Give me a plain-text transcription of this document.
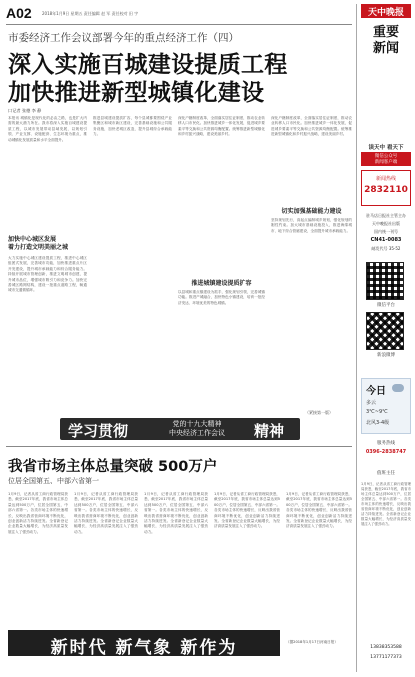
A02	2018年1月9日 星期五 责任编辑 赵 军 责任校对 田 宇
市委经济工作会议部署今年的重点经济工作（四）
深入实施百城建设提质工程
加快推进新型城镇化建设
口记者 张德 李 静
本报讯 城镇化是现代化的必由之路，也是扩大内需的最大潜力所在。我市将深入实施百城建设提质工程，以城市发展带动县域发展，以规划引领、产业支撑、设施配套、生态环境为重点，推动城镇化发展质量和水平全面提升。
加快中心城区发展
着力打造文明美丽之城
大力实施中心城区建设提质工程，推进中心城区组团式发展，完善城市功能，加快推进重点片区开发建设，提升城市承载能力和综合服务能力。持续开展城市管理创新，推进文明城市创建，提升城市品位，增强城市吸引力和竞争力。加快完善城区路网结构，建设一批重点道路工程，畅通城市交通微循环。
推进县城建设提质扩容，每个县城都要围绕产业集聚区和城市新区建设，完善基础设施和公共服务设施，加快老城区改造，提升县城综合承载能力。
深化户籍制度改革，全面落实居住证制度，推动农业转移人口市民化。加快推进城乡一体化发展，促进城乡要素平等交换和公共资源均衡配置。统筹推进新型城镇化和乡村振兴战略，建设美丽乡村。
推进城镇建设提质扩容
以县城和重点镇建设为抓手，强化规划引领，完善城镇功能。推进产城融合，加快特色小镇建设，培育一批经济发达、环境优美的特色城镇。
深化户籍制度改革，全面落实居住证制度，推动农业转移人口市民化。加快推进城乡一体化发展，促进城乡要素平等交换和公共资源均衡配置。统筹推进新型城镇化和乡村振兴战略，建设美丽乡村。
切实加强基础能力建设
坚持规划先行，高起点编制城乡规划，强化规划的刚性约束。加大城市基础设施投入，推进海绵城市、地下综合管廊建设，全面提升城市承载能力。
（紧接第一版）
学习贯彻	党的十九大精神
中央经济工作会议	精神
我省市场主体总量突破 500万户
位居全国第五、中部六省第一
1月9日，记者从省工商行政管理局获悉，截至2017年底，我省市场主体总量达到500万户，位居全国第五、中部六省第一。各类市场主体的快速增长，反映出我省营商环境不断优化，创业创新活力持续迸发。全省新登记企业数量大幅增长，为经济高质量发展注入了强劲动力。
1月9日，记者从省工商行政管理局获悉，截至2017年底，我省市场主体总量达到500万户，位居全国第五、中部六省第一。各类市场主体的快速增长，反映出我省营商环境不断优化，创业创新活力持续迸发。全省新登记企业数量大幅增长，为经济高质量发展注入了强劲动力。
1月9日，记者从省工商行政管理局获悉，截至2017年底，我省市场主体总量达到500万户，位居全国第五、中部六省第一。各类市场主体的快速增长，反映出我省营商环境不断优化，创业创新活力持续迸发。全省新登记企业数量大幅增长，为经济高质量发展注入了强劲动力。
1月9日，记者从省工商行政管理局获悉，截至2017年底，我省市场主体总量达到500万户，位居全国第五、中部六省第一。各类市场主体的快速增长，反映出我省营商环境不断优化，创业创新活力持续迸发。全省新登记企业数量大幅增长，为经济高质量发展注入了强劲动力。
1月9日，记者从省工商行政管理局获悉，截至2017年底，我省市场主体总量达到500万户，位居全国第五、中部六省第一。各类市场主体的快速增长，反映出我省营商环境不断优化，创业创新活力持续迸发。全省新登记企业数量大幅增长，为经济高质量发展注入了强劲动力。
（据2018年1月17日河南日报）
新时代 新气象 新作为
天中晚报
重要
新闻
读天中 看天下
微信公众号
新闻客户端
新闻热线
2832110
驻马店日报社主管主办
天中晚报社出版
国内统一刊号
CN41-0083
邮发代号 35-52
微信平台
新浪微博
今日
多云
3℃~9℃
北风3-4级
服务热线
0396-2838747
值班主任
1月9日，记者从省工商行政管理局获悉，截至2017年底，我省市场主体总量达到500万户，位居全国第五、中部六省第一。各类市场主体的快速增长，反映出我省营商环境不断优化，创业创新活力持续迸发。全省新登记企业数量大幅增长，为经济高质量发展注入了强劲动力。
13838353588
13771177373
